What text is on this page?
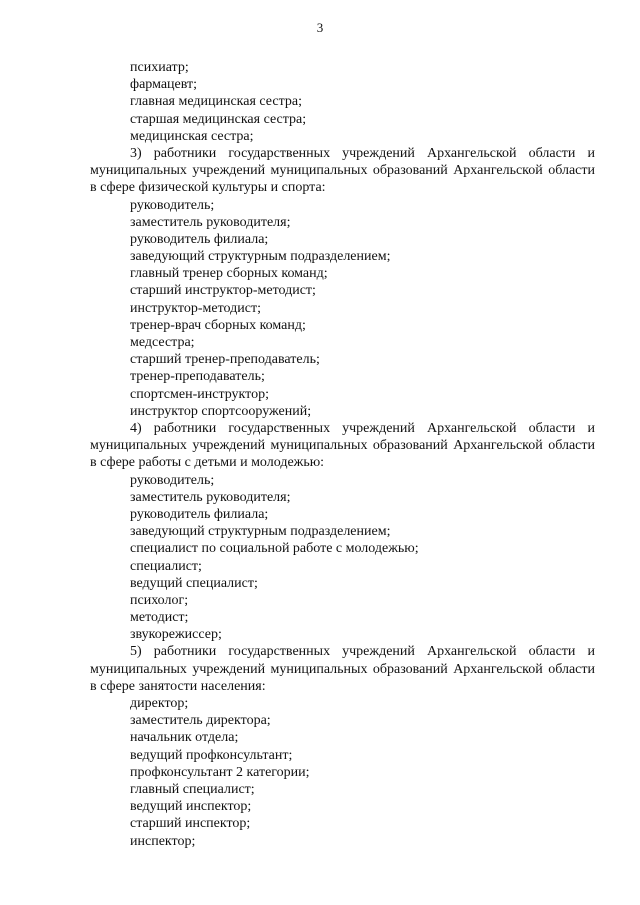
3
психиатр;
фармацевт;
главная медицинская сестра;
старшая медицинская сестра;
медицинская сестра;

3) работники государственных учреждений Архангельской области и муниципальных учреждений муниципальных образований Архангельской области в сфере физической культуры и спорта:

руководитель;
заместитель руководителя;
руководитель филиала;
заведующий структурным подразделением;
главный тренер сборных команд;
старший инструктор-методист;
инструктор-методист;
тренер-врач сборных команд;
медсестра;
старший тренер-преподаватель;
тренер-преподаватель;
спортсмен-инструктор;
инструктор спортсооружений;

4) работники государственных учреждений Архангельской области и муниципальных учреждений муниципальных образований Архангельской области в сфере работы с детьми и молодежью:

руководитель;
заместитель руководителя;
руководитель филиала;
заведующий структурным подразделением;
специалист по социальной работе с молодежью;
специалист;
ведущий специалист;
психолог;
методист;
звукорежиссер;

5) работники государственных учреждений Архангельской области и муниципальных учреждений муниципальных образований Архангельской области в сфере занятости населения:

директор;
заместитель директора;
начальник отдела;
ведущий профконсультант;
профконсультант 2 категории;
главный специалист;
ведущий инспектор;
старший инспектор;
инспектор;
